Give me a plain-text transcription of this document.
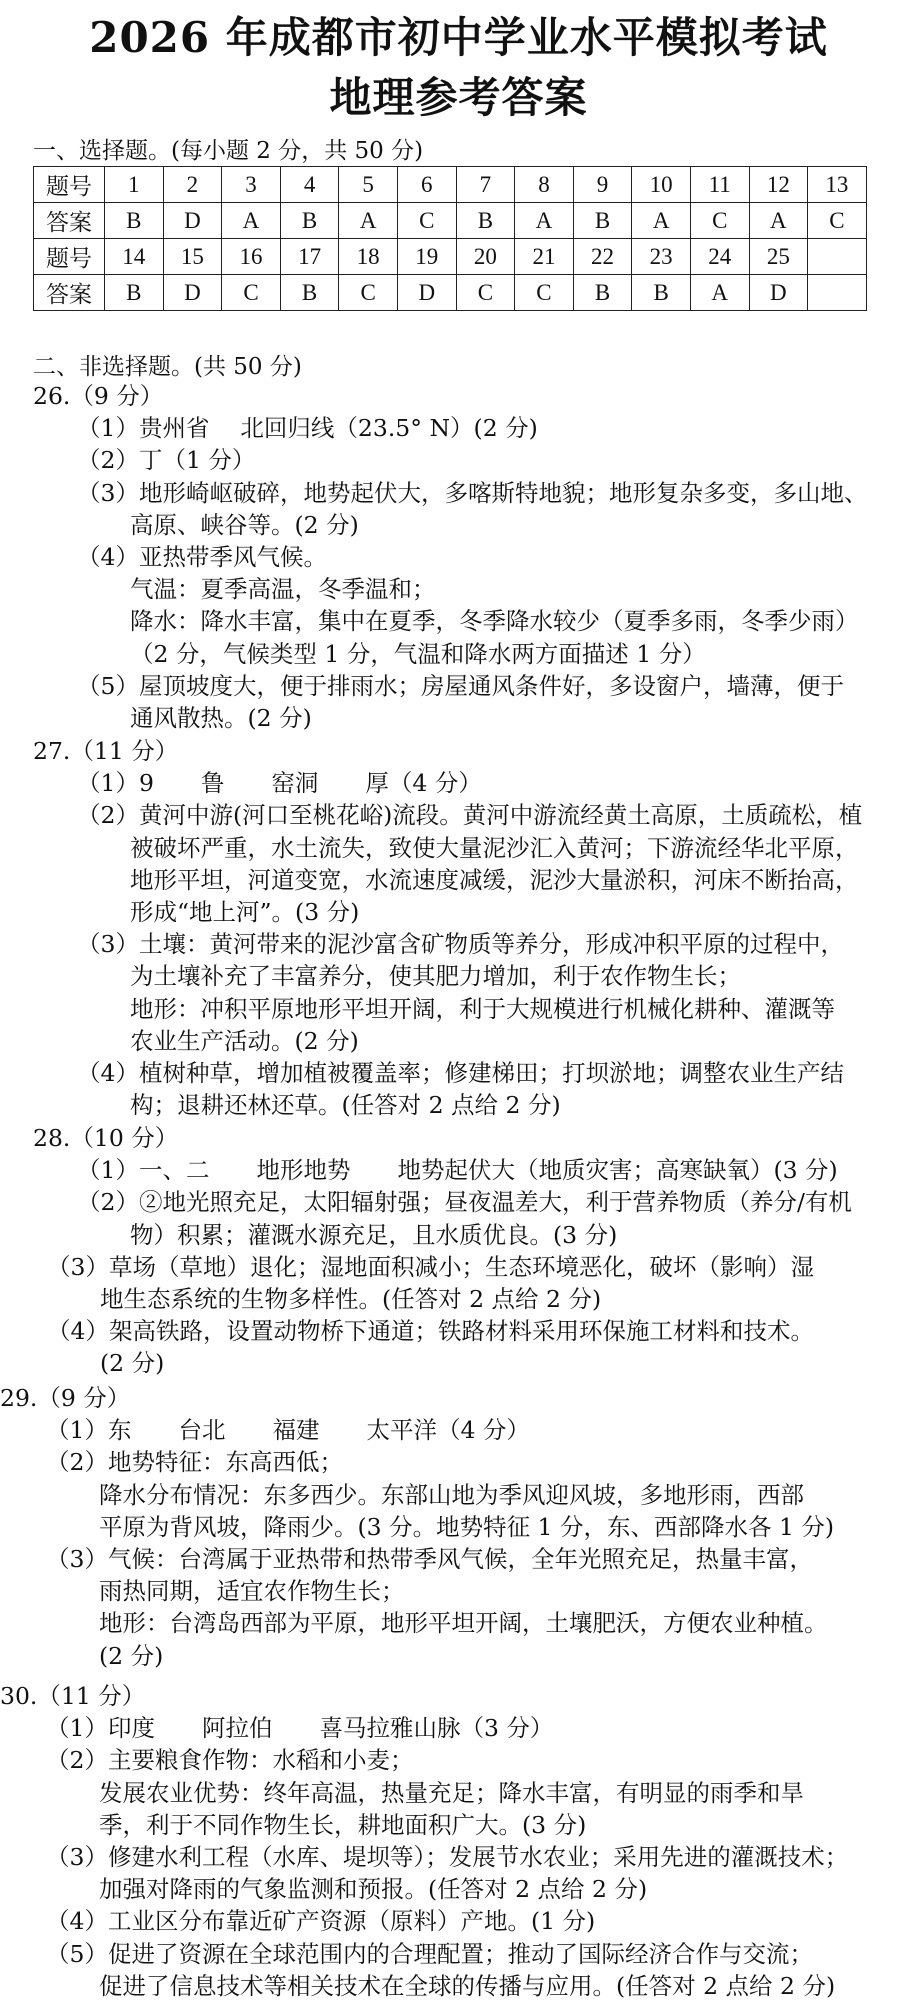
2026 年成都市初中学业水平模拟考试
地理参考答案
一、选择题。(每小题 2 分，共 50 分)
题号	1	2	3	4	5	6	7	8	9	10	11	12	13
答案	B	D	A	B	A	C	B	A	B	A	C	A	C
题号	14	15	16	17	18	19	20	21	22	23	24	25	
答案	B	D	C	B	C	D	C	C	B	B	A	D	
二、非选择题。(共 50 分)
26.（9 分）
（1）贵州省　 北回归线（23.5° N）(2 分)
（2）丁（1 分）
（3）地形崎岖破碎，地势起伏大，多喀斯特地貌；地形复杂多变，多山地、
高原、峡谷等。(2 分)
（4）亚热带季风气候。
气温：夏季高温，冬季温和；
降水：降水丰富，集中在夏季，冬季降水较少（夏季多雨，冬季少雨）
（2 分，气候类型 1 分，气温和降水两方面描述 1 分）
（5）屋顶坡度大，便于排雨水；房屋通风条件好，多设窗户，墙薄，便于
通风散热。(2 分)
27.（11 分）
（1）9　　鲁　　窑洞　　厚（4 分）
（2）黄河中游(河口至桃花峪)流段。黄河中游流经黄土高原，土质疏松，植
被破坏严重，水土流失，致使大量泥沙汇入黄河；下游流经华北平原，
地形平坦，河道变宽，水流速度减缓，泥沙大量淤积，河床不断抬高，
形成“地上河”。(3 分)
（3）土壤：黄河带来的泥沙富含矿物质等养分，形成冲积平原的过程中，
为土壤补充了丰富养分，使其肥力增加，利于农作物生长；
地形：冲积平原地形平坦开阔，利于大规模进行机械化耕种、灌溉等
农业生产活动。(2 分)
（4）植树种草，增加植被覆盖率；修建梯田；打坝淤地；调整农业生产结
构；退耕还林还草。(任答对 2 点给 2 分)
28.（10 分）
（1）一、二　　地形地势　　地势起伏大（地质灾害；高寒缺氧）(3 分)
（2）②地光照充足，太阳辐射强；昼夜温差大，利于营养物质（养分/有机
物）积累；灌溉水源充足，且水质优良。(3 分)
（3）草场（草地）退化；湿地面积减小；生态环境恶化，破坏（影响）湿
地生态系统的生物多样性。(任答对 2 点给 2 分)
（4）架高铁路，设置动物桥下通道；铁路材料采用环保施工材料和技术。
(2 分)
29.（9 分）
（1）东　　台北　　福建　　太平洋（4 分）
（2）地势特征：东高西低；
降水分布情况：东多西少。东部山地为季风迎风坡，多地形雨，西部
平原为背风坡，降雨少。(3 分。地势特征 1 分，东、西部降水各 1 分)
（3）气候：台湾属于亚热带和热带季风气候，全年光照充足，热量丰富，
雨热同期，适宜农作物生长；
地形：台湾岛西部为平原，地形平坦开阔，土壤肥沃，方便农业种植。
(2 分)
30.（11 分）
（1）印度　　阿拉伯　　喜马拉雅山脉（3 分）
（2）主要粮食作物：水稻和小麦；
发展农业优势：终年高温，热量充足；降水丰富，有明显的雨季和旱
季，利于不同作物生长，耕地面积广大。(3 分)
（3）修建水利工程（水库、堤坝等）；发展节水农业；采用先进的灌溉技术；
加强对降雨的气象监测和预报。(任答对 2 点给 2 分)
（4）工业区分布靠近矿产资源（原料）产地。(1 分)
（5）促进了资源在全球范围内的合理配置；推动了国际经济合作与交流；
促进了信息技术等相关技术在全球的传播与应用。(任答对 2 点给 2 分)
